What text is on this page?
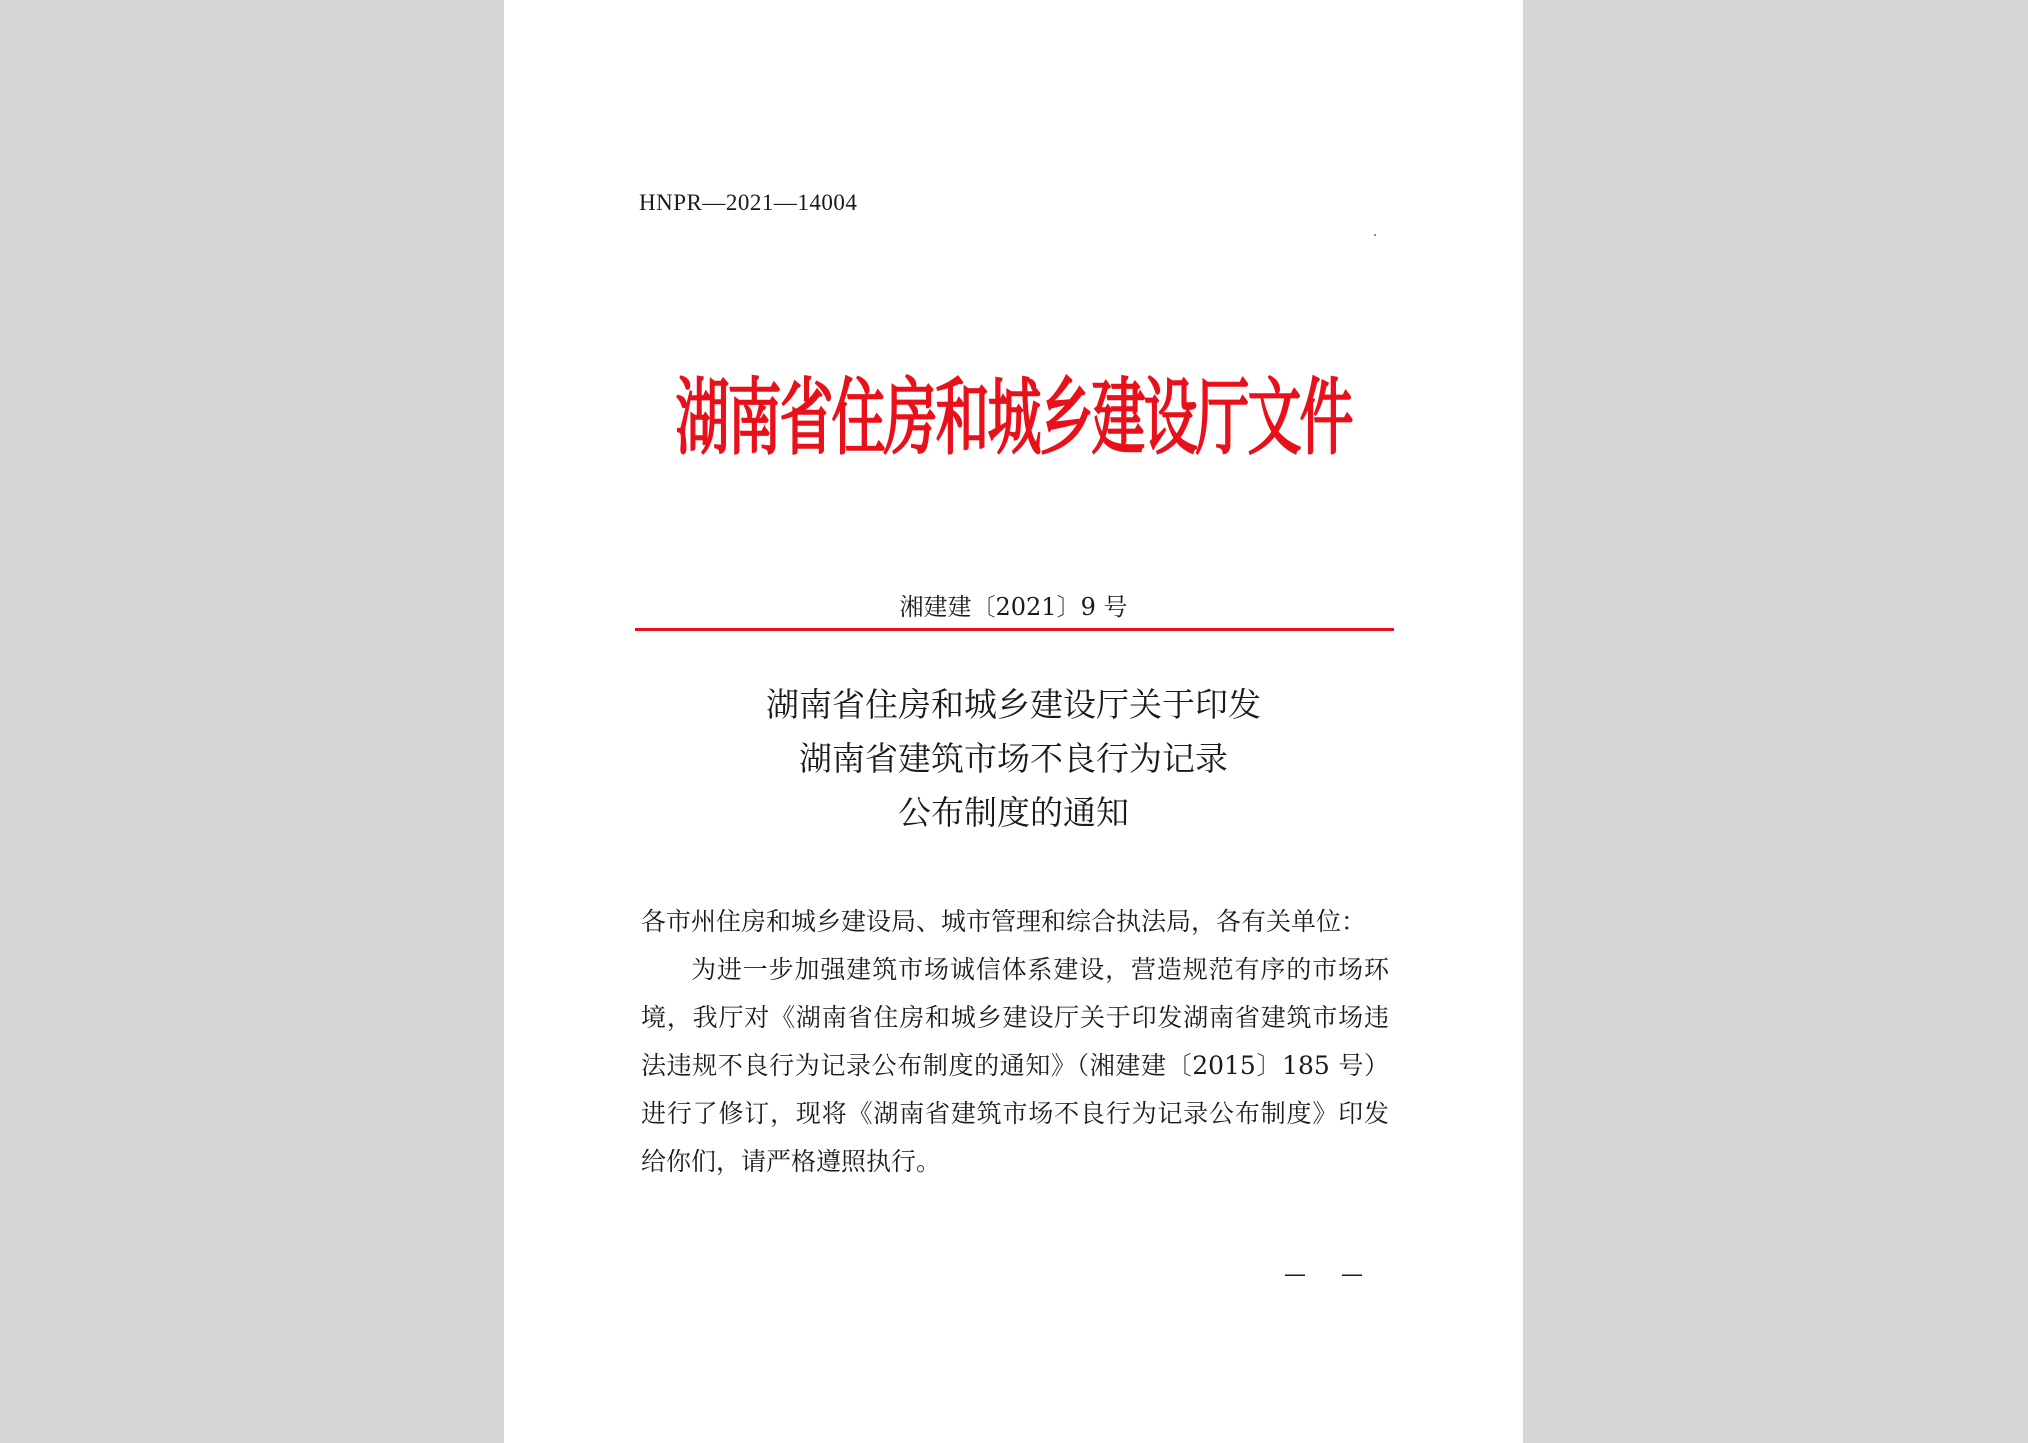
HNPR—2021—14004
湖南省住房和城乡建设厅文件
湘建建〔2021〕9 号
湖南省住房和城乡建设厅关于印发
湖南省建筑市场不良行为记录
公布制度的通知

各市州住房和城乡建设局、城市管理和综合执法局，各有关单位：

为进一步加强建筑市场诚信体系建设，营造规范有序的市场环境，我厅对《湖南省住房和城乡建设厅关于印发湖南省建筑市场违法违规不良行为记录公布制度的通知》（湘建建〔2015〕185 号）进行了修订，现将《湖南省建筑市场不良行为记录公布制度》印发给你们，请严格遵照执行。

— —
